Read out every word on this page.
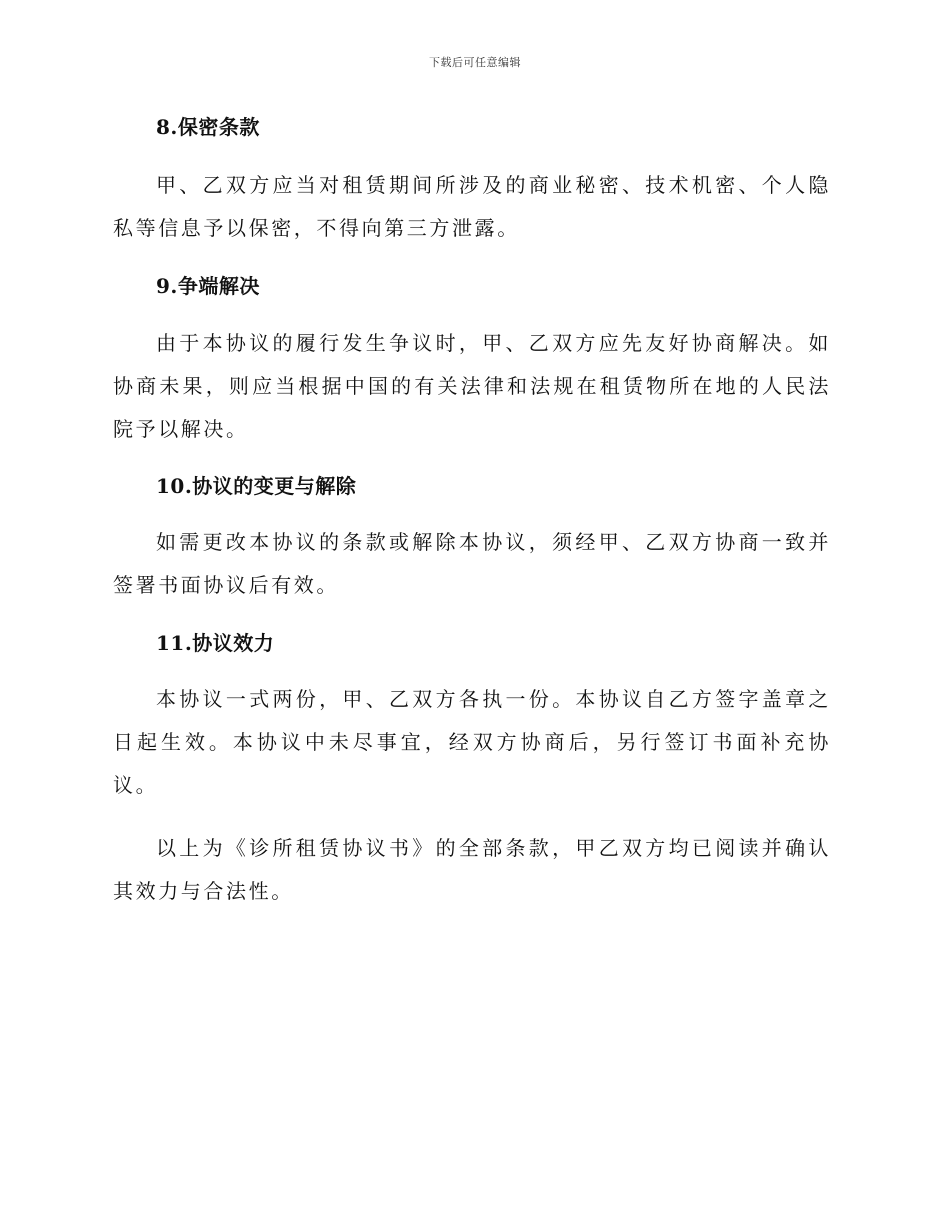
下载后可任意编辑
8.保密条款

甲、乙双方应当对租赁期间所涉及的商业秘密、技术机密、个人隐私等信息予以保密，不得向第三方泄露。

9.争端解决

由于本协议的履行发生争议时，甲、乙双方应先友好协商解决。如协商未果，则应当根据中国的有关法律和法规在租赁物所在地的人民法院予以解决。

10.协议的变更与解除

如需更改本协议的条款或解除本协议，须经甲、乙双方协商一致并签署书面协议后有效。

11.协议效力

本协议一式两份，甲、乙双方各执一份。本协议自乙方签字盖章之日起生效。本协议中未尽事宜，经双方协商后，另行签订书面补充协议。

以上为《诊所租赁协议书》的全部条款，甲乙双方均已阅读并确认其效力与合法性。
